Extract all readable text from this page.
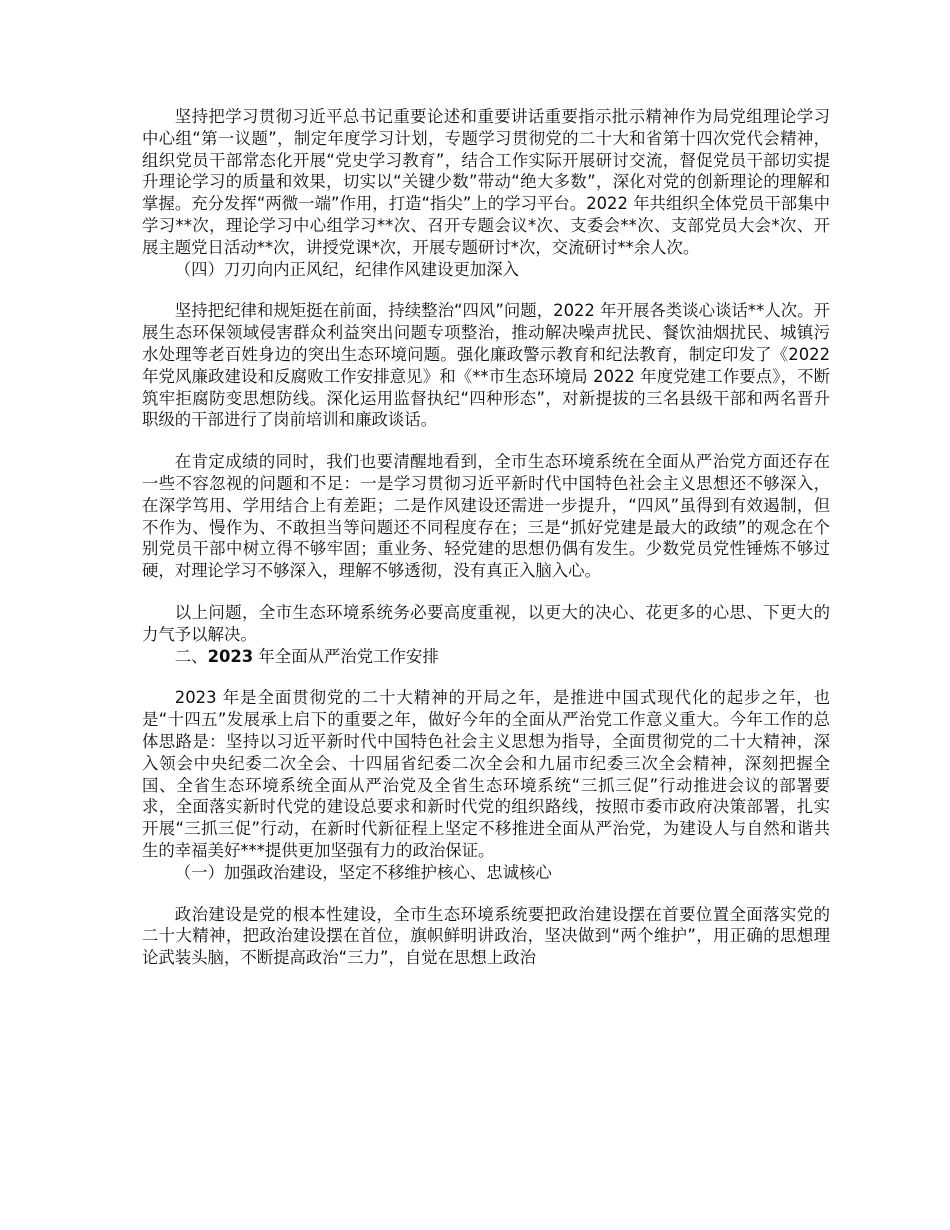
坚持把学习贯彻习近平总书记重要论述和重要讲话重要指示批示精神作为局党组理论学习中心组“第一议题”，制定年度学习计划，专题学习贯彻党的二十大和省第十四次党代会精神，组织党员干部常态化开展“党史学习教育”，结合工作实际开展研讨交流，督促党员干部切实提升理论学习的质量和效果，切实以“关键少数”带动“绝大多数”，深化对党的创新理论的理解和掌握。充分发挥“两微一端”作用，打造“指尖”上的学习平台。2022 年共组织全体党员干部集中学习**次，理论学习中心组学习**次、召开专题会议*次、支委会**次、支部党员大会*次、开展主题党日活动**次，讲授党课*次，开展专题研讨*次，交流研讨**余人次。

（四）刀刃向内正风纪，纪律作风建设更加深入

坚持把纪律和规矩挺在前面，持续整治“四风”问题，2022 年开展各类谈心谈话**人次。开展生态环保领域侵害群众利益突出问题专项整治，推动解决噪声扰民、餐饮油烟扰民、城镇污水处理等老百姓身边的突出生态环境问题。强化廉政警示教育和纪法教育，制定印发了《2022 年党风廉政建设和反腐败工作安排意见》和《**市生态环境局 2022 年度党建工作要点》，不断筑牢拒腐防变思想防线。深化运用监督执纪“四种形态”，对新提拔的三名县级干部和两名晋升职级的干部进行了岗前培训和廉政谈话。

在肯定成绩的同时，我们也要清醒地看到，全市生态环境系统在全面从严治党方面还存在一些不容忽视的问题和不足：一是学习贯彻习近平新时代中国特色社会主义思想还不够深入，在深学笃用、学用结合上有差距；二是作风建设还需进一步提升，“四风”虽得到有效遏制，但不作为、慢作为、不敢担当等问题还不同程度存在；三是“抓好党建是最大的政绩”的观念在个别党员干部中树立得不够牢固；重业务、轻党建的思想仍偶有发生。少数党员党性锤炼不够过硬，对理论学习不够深入，理解不够透彻，没有真正入脑入心。

以上问题，全市生态环境系统务必要高度重视，以更大的决心、花更多的心思、下更大的力气予以解决。

二、2023 年全面从严治党工作安排

2023 年是全面贯彻党的二十大精神的开局之年，是推进中国式现代化的起步之年，也是“十四五”发展承上启下的重要之年，做好今年的全面从严治党工作意义重大。今年工作的总体思路是：坚持以习近平新时代中国特色社会主义思想为指导，全面贯彻党的二十大精神，深入领会中央纪委二次全会、十四届省纪委二次全会和九届市纪委三次全会精神，深刻把握全国、全省生态环境系统全面从严治党及全省生态环境系统“三抓三促”行动推进会议的部署要求，全面落实新时代党的建设总要求和新时代党的组织路线，按照市委市政府决策部署，扎实开展“三抓三促”行动，在新时代新征程上坚定不移推进全面从严治党，为建设人与自然和谐共生的幸福美好***提供更加坚强有力的政治保证。

（一）加强政治建设，坚定不移维护核心、忠诚核心

政治建设是党的根本性建设，全市生态环境系统要把政治建设摆在首要位置全面落实党的二十大精神，把政治建设摆在首位，旗帜鲜明讲政治，坚决做到“两个维护”，用正确的思想理论武装头脑，不断提高政治“三力”，自觉在思想上政治
